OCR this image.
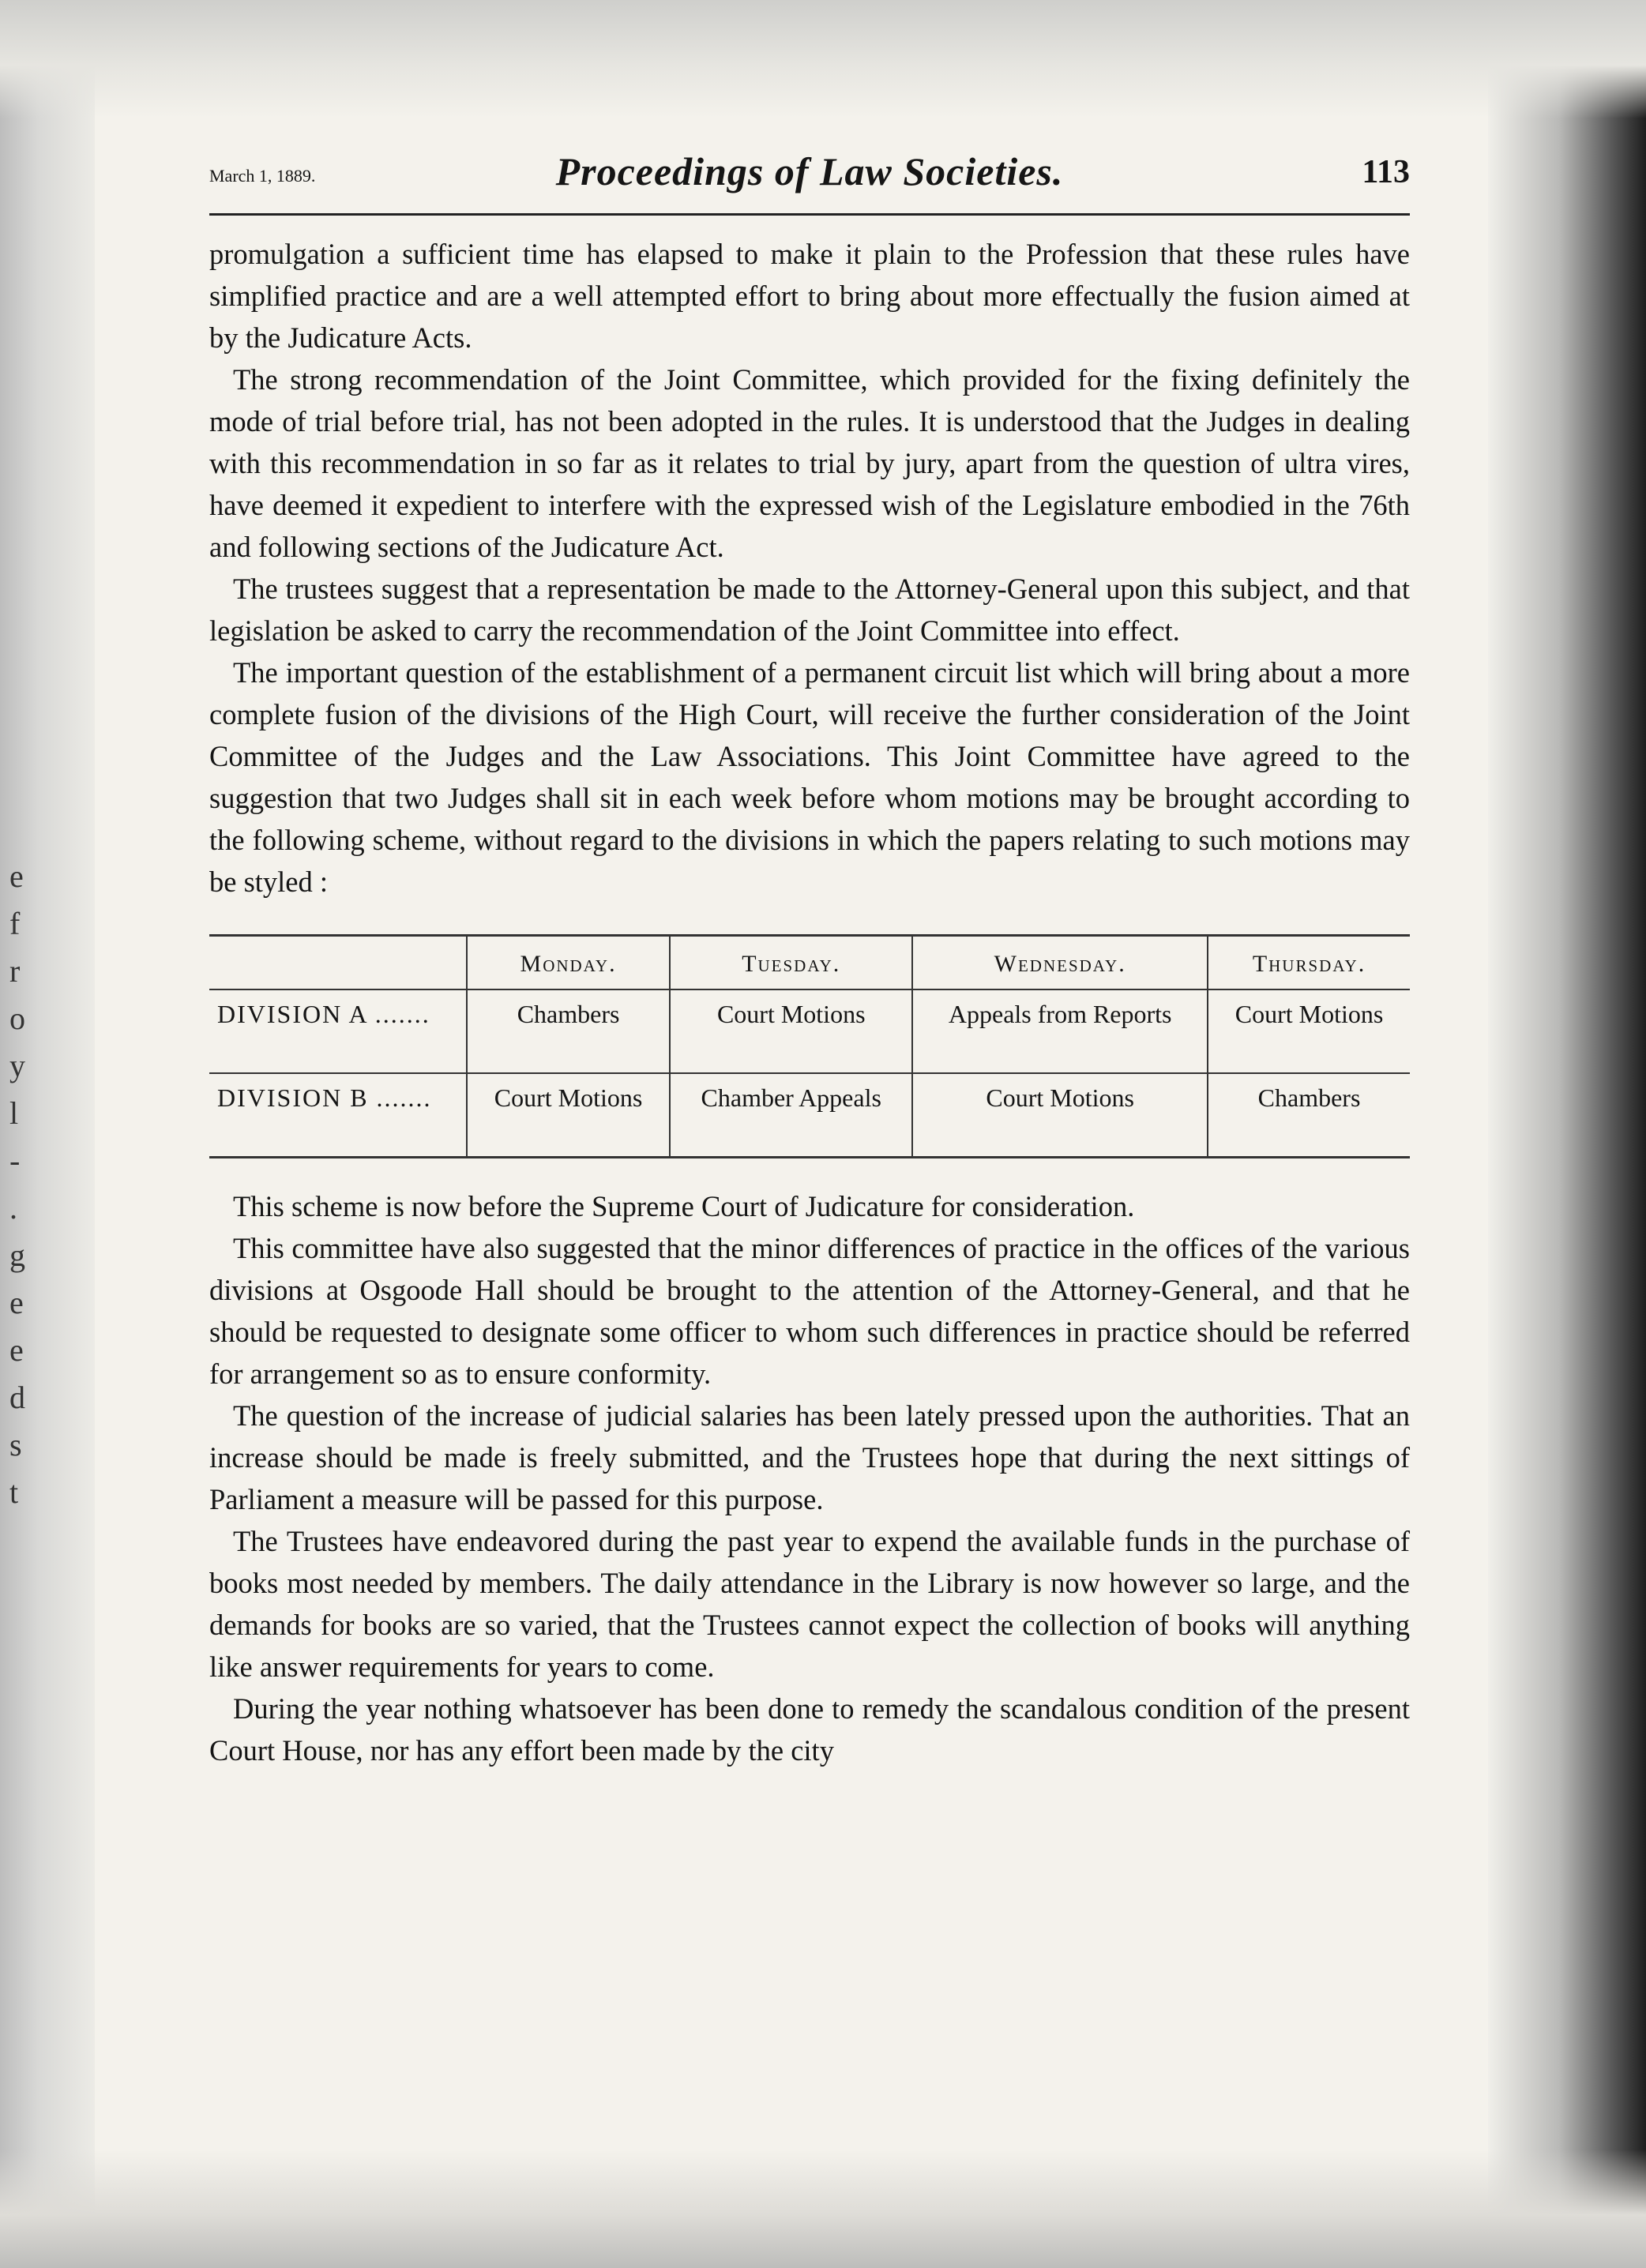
e
f
r
o
y
l
-
.
g
e
e
d
s
t
March 1, 1889.	Proceedings of Law Societies.	113

promulgation a sufficient time has elapsed to make it plain to the Profession that these rules have simplified practice and are a well attempted effort to bring about more effectually the fusion aimed at by the Judicature Acts.

The strong recommendation of the Joint Committee, which provided for the fixing definitely the mode of trial before trial, has not been adopted in the rules. It is understood that the Judges in dealing with this recommendation in so far as it relates to trial by jury, apart from the question of ultra vires, have deemed it expedient to interfere with the expressed wish of the Legislature embodied in the 76th and following sections of the Judicature Act.

The trustees suggest that a representation be made to the Attorney-General upon this subject, and that legislation be asked to carry the recommendation of the Joint Committee into effect.

The important question of the establishment of a permanent circuit list which will bring about a more complete fusion of the divisions of the High Court, will receive the further consideration of the Joint Committee of the Judges and the Law Associations. This Joint Committee have agreed to the suggestion that two Judges shall sit in each week before whom motions may be brought according to the following scheme, without regard to the divisions in which the papers relating to such motions may be styled :

	Monday.	Tuesday.	Wednesday.	Thursday.
DIVISION A .......	Chambers	Court Motions	Appeals from Reports	Court Motions
DIVISION B .......	Court Motions	Chamber Appeals	Court Motions	Chambers

This scheme is now before the Supreme Court of Judicature for consideration.

This committee have also suggested that the minor differences of practice in the offices of the various divisions at Osgoode Hall should be brought to the attention of the Attorney-General, and that he should be requested to designate some officer to whom such differences in practice should be referred for arrangement so as to ensure conformity.

The question of the increase of judicial salaries has been lately pressed upon the authorities. That an increase should be made is freely submitted, and the Trustees hope that during the next sittings of Parliament a measure will be passed for this purpose.

The Trustees have endeavored during the past year to expend the available funds in the purchase of books most needed by members. The daily attendance in the Library is now however so large, and the demands for books are so varied, that the Trustees cannot expect the collection of books will anything like answer requirements for years to come.

During the year nothing whatsoever has been done to remedy the scandalous condition of the present Court House, nor has any effort been made by the city
